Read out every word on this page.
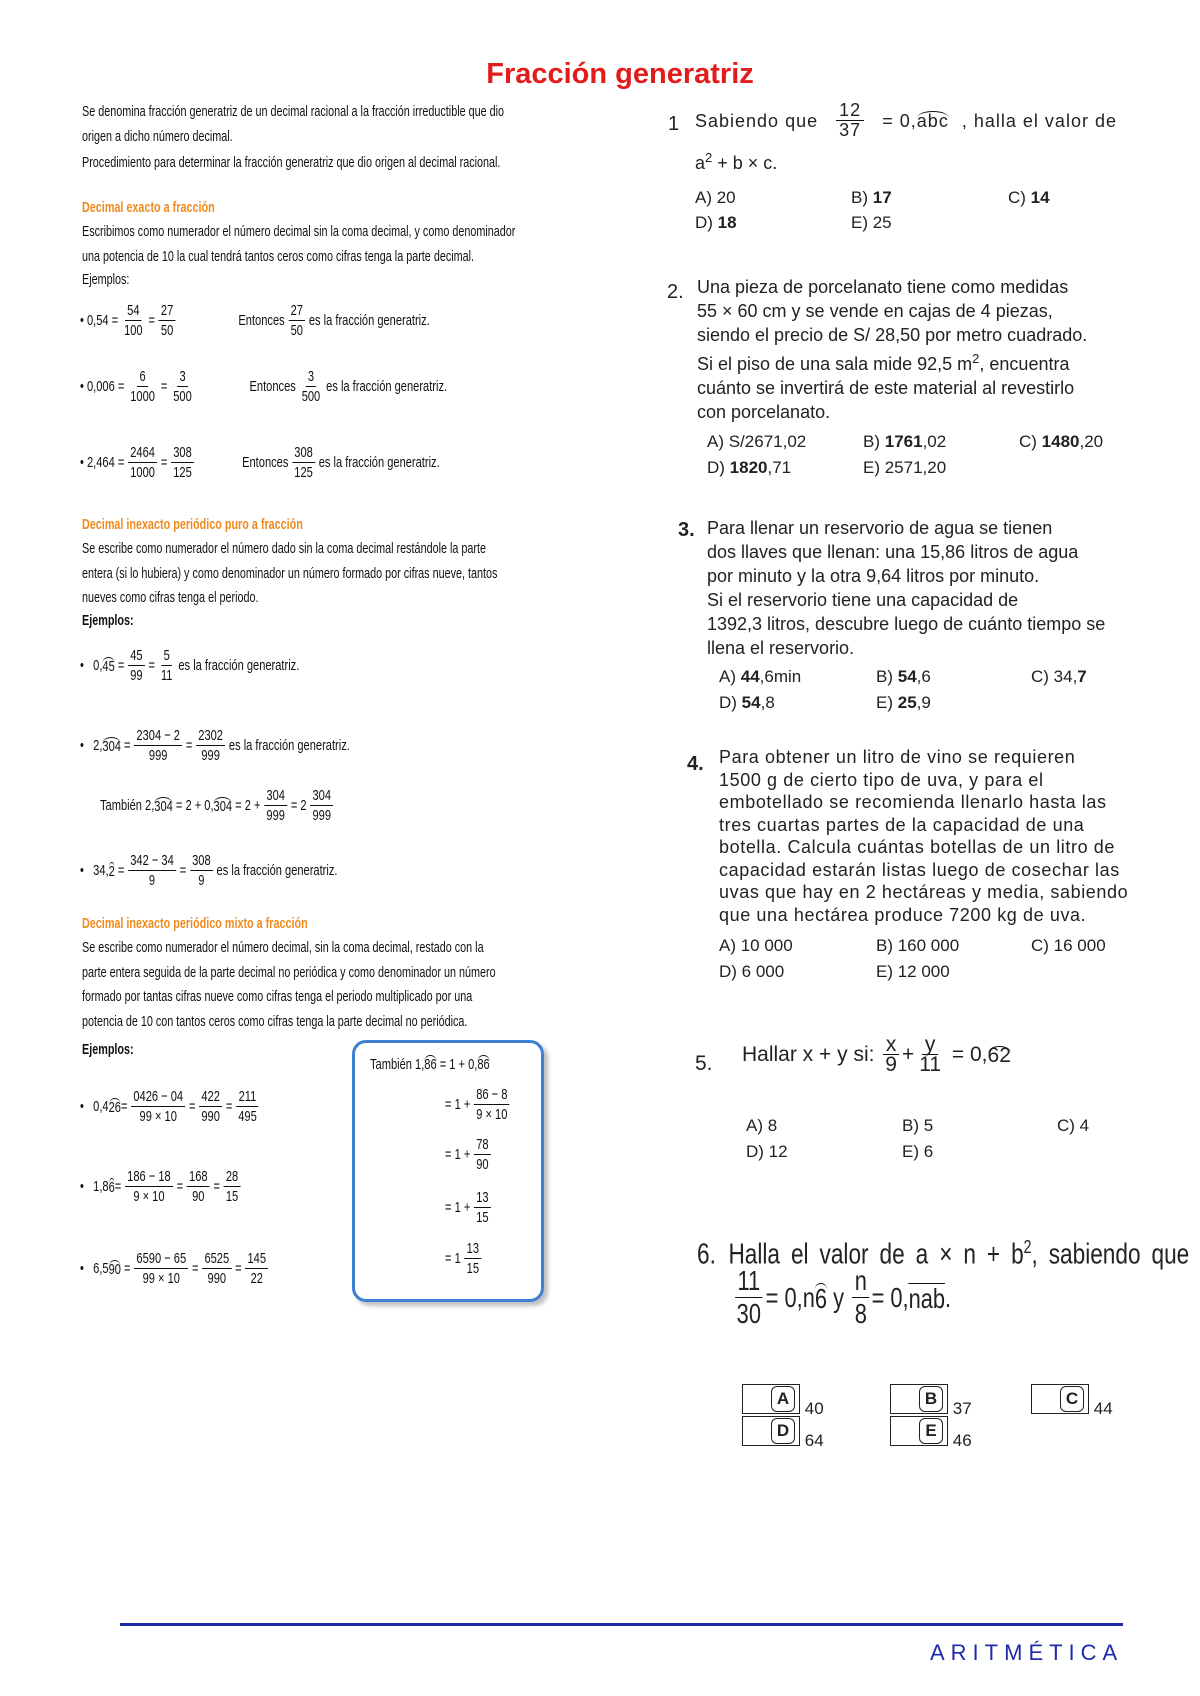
Fracción generatriz
Se denomina fracción generatriz de un decimal racional a la fracción irreductible que dio
origen a dicho número decimal.
Procedimiento para determinar la fracción generatriz que dio origen al decimal racional.
Decimal exacto a fracción
Escribimos como numerador el número decimal sin la coma decimal, y como denominador
una potencia de 10 la cual tendrá tantos ceros como cifras tenga la parte decimal.
Ejemplos:
• $0,54 = \frac{54}{100} = \frac{27}{50}$	Entonces $\frac{27}{50}$ es la fracción generatriz.
• $0,006 = \frac{6}{1000} = \frac{3}{500}$	Entonces $\frac{3}{500}$ es la fracción generatriz.
• $2,464 = \frac{2464}{1000} = \frac{308}{125}$	Entonces $\frac{308}{125}$ es la fracción generatriz.
Decimal inexacto periódico puro a fracción
Se escribe como numerador el número dado sin la coma decimal restándole la parte
entera (si lo hubiera) y como denominador un número formado por cifras nueve, tantos
nueves como cifras tenga el periodo.
Ejemplos:
•
0, 45
= $\frac{45}{99} = \frac{5}{11}$ es la fracción generatriz.
•
2, 304
= $\frac{2304 - 2}{999} = \frac{2302}{999}$ es la fracción generatriz.
También 2, 304
= 2 + 0, 304
= $2 + \frac{304}{999} = 2 \frac{304}{999}$
•
34, 2
= $\frac{342 - 34}{9} = \frac{308}{9}$ es la fracción generatriz.
Decimal inexacto periódico mixto a fracción
Se escribe como numerador el número decimal, sin la coma decimal, restado con la
parte entera seguida de la parte decimal no periódica y como denominador un número
formado por tantas cifras nueve como cifras tenga el periodo multiplicado por una
potencia de 10 con tantos ceros como cifras tenga la parte decimal no periódica.
Ejemplos:
•
0,4 $26 = \frac{0426 - 04}{99 \times 10} = \frac{422}{990} = \frac{211}{495}$
•
1,8 $6 = \frac{186 - 18}{9 \times 10} = \frac{168}{90} = \frac{28}{15}$
•
6,5 90
= $\frac{6590 - 65}{99 \times 10} = \frac{6525}{990} = \frac{145}{22}$
También 1, 86
= 1 + 0, 86
= $1 + \frac{86 - 8}{9 \times 10}$
= $1 + \frac{78}{90}$
= $1 + \frac{13}{15}$
= $1 \frac{13}{15}$
1 Sabiendo que $\frac{12}{37} = 0,abc$ , halla el valor de
$a^2 + b \times c$.
A) 20	B) 17	C) 14
D) 18	E) 25
2. Una pieza de porcelanato tiene como medidas
55 × 60 cm y se vende en cajas de 4 piezas,
siendo el precio de S/ 28,50 por metro cuadrado.
Si el piso de una sala mide 92,5 $m^2$, encuentra
cuánto se invertirá de este material al revestirlo
con porcelanato.
A) S/2671,02	B) 1761,02	C) 1480,20
D) 1820,71	E) 2571,20
3. Para llenar un reservorio de agua se tienen
dos llaves que llenan: una 15,86 litros de agua
por minuto y la otra 9,64 litros por minuto.
Si el reservorio tiene una capacidad de
1392,3 litros, descubre luego de cuánto tiempo se
llena el reservorio.
A) 44,6min	B) 54,6	C) 34,7
D) 54,8	E) 25,9
4. Para obtener un litro de vino se requieren
1500 g de cierto tipo de uva, y para el
embotellado se recomienda llenarlo hasta las
tres cuartas partes de la capacidad de una
botella. Calcula cuántas botellas de un litro de
capacidad estarán listas luego de cosechar las
uvas que hay en 2 hectáreas y media, sabiendo
que una hectárea produce 7200 kg de uva.
A) 10 000	B) 160 000	C) 16 000
D) 6 000	E) 12 000
5. Hallar x + y si:
$\frac{x}{9} + \frac{y}{11}$
= 0, 62
A) 8	B) 5	C) 4
D) 12	E) 6
6. Halla el valor de $a \times n + b^2$, sabiendo que
$\frac{11}{30} = 0,n$ 6
y
$\frac{n}{8} = 0$, nab .
A
40
B
37
C
44
D
64
E
46
ARITMÉTICA
